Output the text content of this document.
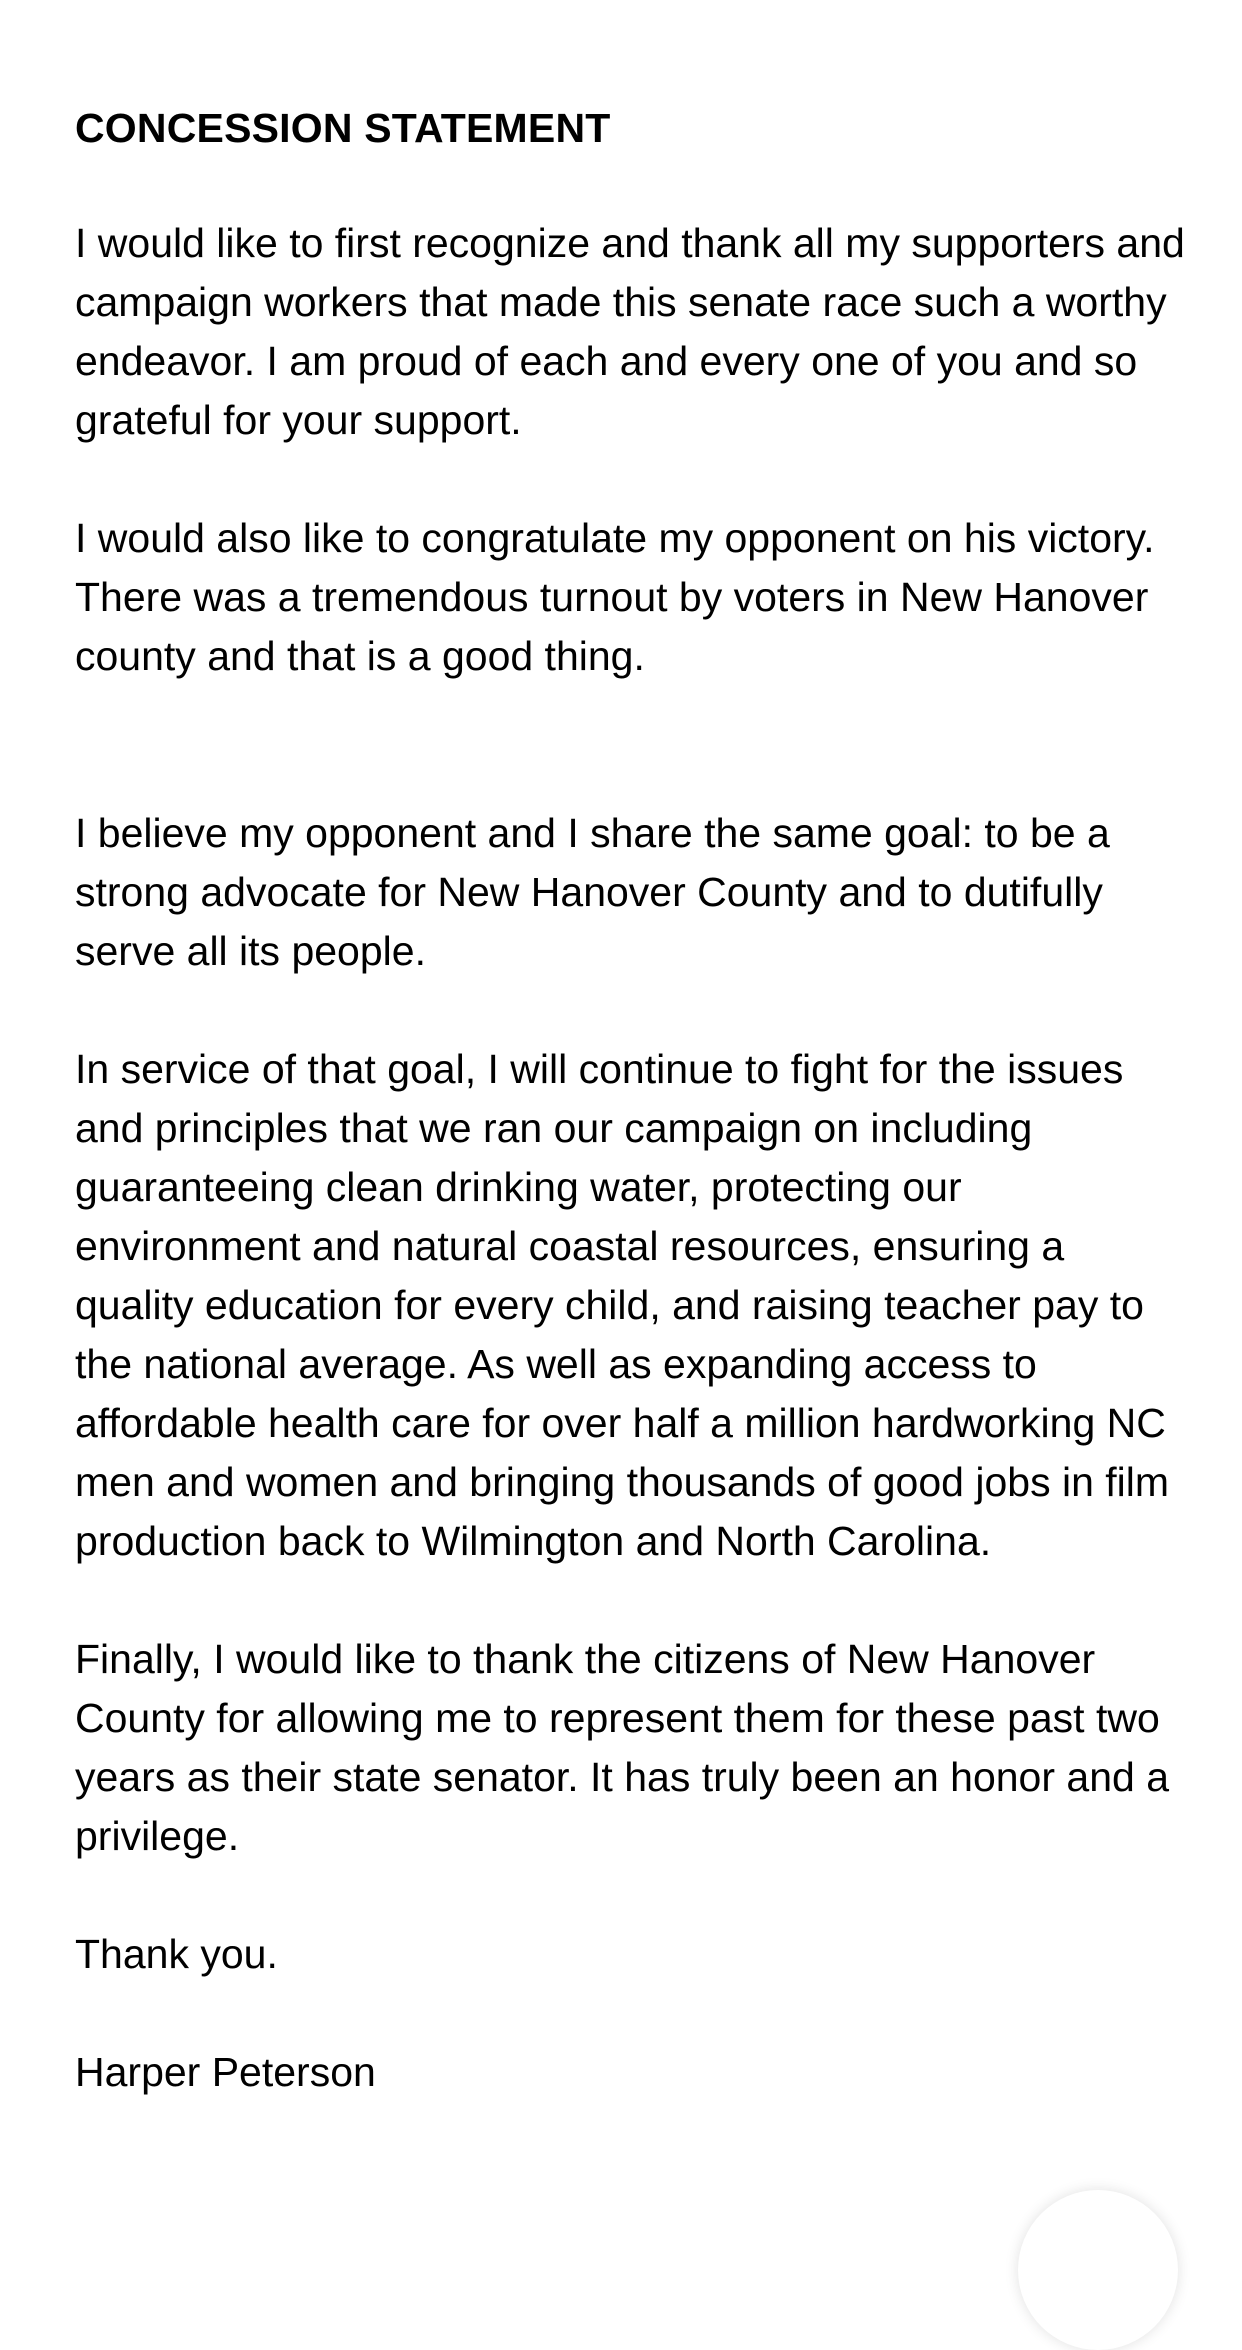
CONCESSION STATEMENT

I would like to first recognize and thank all my supporters and campaign workers that made this senate race such a worthy endeavor. I am proud of each and every one of you and so grateful for your support.

I would also like to congratulate my opponent on his victory. There was a tremendous turnout by voters in New Hanover county and that is a good thing.

I believe my opponent and I share the same goal: to be a strong advocate for New Hanover County and to dutifully serve all its people.

In service of that goal, I will continue to fight for the issues and principles that we ran our campaign on including guaranteeing clean drinking water, protecting our environment and natural coastal resources, ensuring a quality education for every child, and raising teacher pay to the national average. As well as expanding access to affordable health care for over half a million hardworking NC men and women and bringing thousands of good jobs in film production back to Wilmington and North Carolina.

Finally, I would like to thank the citizens of New Hanover County for allowing me to represent them for these past two years as their state senator. It has truly been an honor and a privilege.

Thank you.

Harper Peterson
